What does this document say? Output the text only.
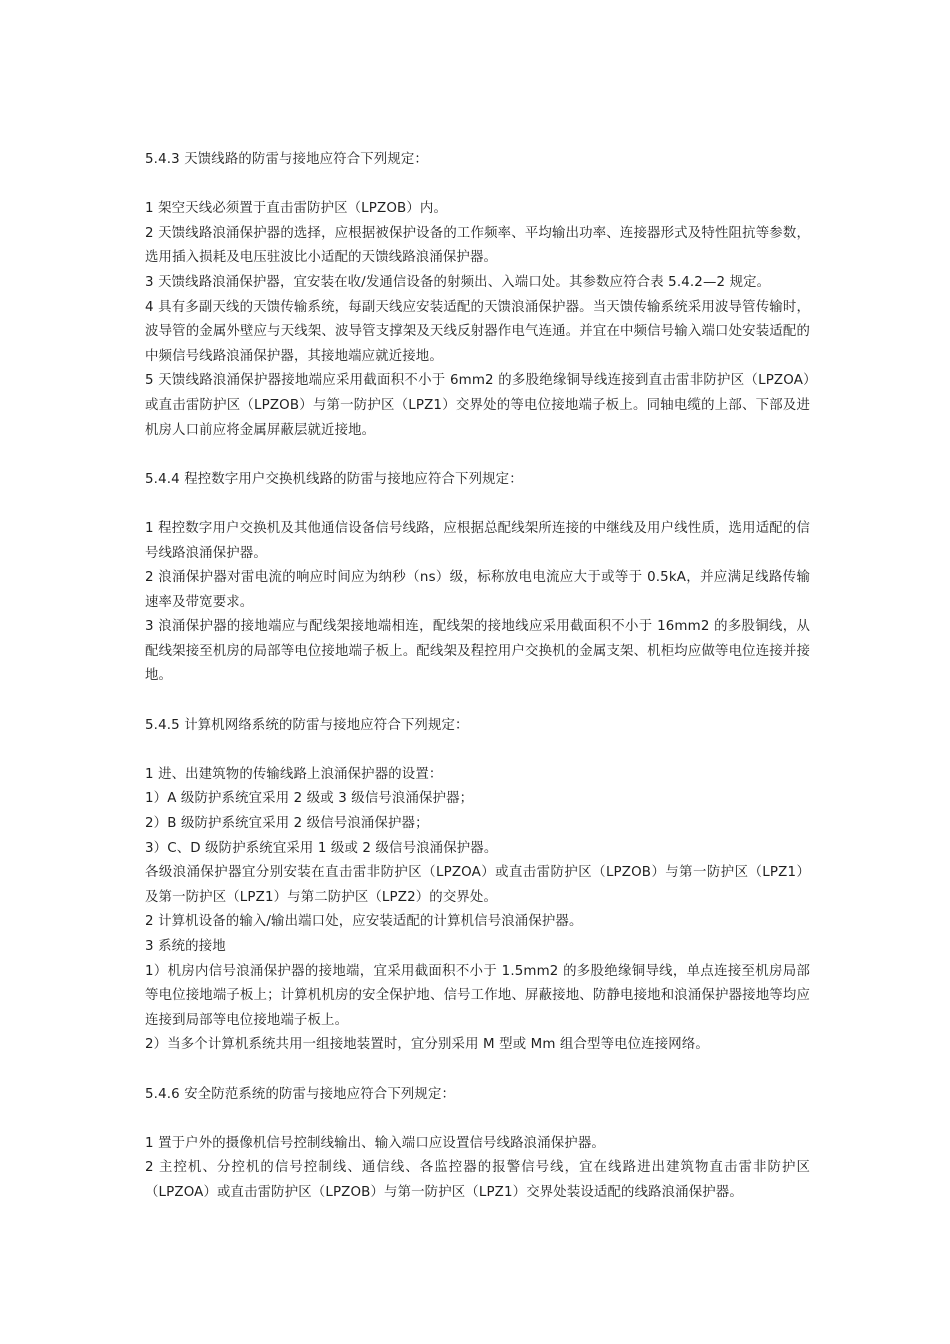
5.4.3 天馈线路的防雷与接地应符合下列规定：

1 架空天线必须置于直击雷防护区（LPZOB）内。

2 天馈线路浪涌保护器的选择，应根据被保护设备的工作频率、平均输出功率、连接器形式及特性阻抗等参数，选用插入损耗及电压驻波比小适配的天馈线路浪涌保护器。

3 天馈线路浪涌保护器，宜安装在收/发通信设备的射频出、入端口处。其参数应符合表 5.4.2—2 规定。

4 具有多副天线的天馈传输系统，每副天线应安装适配的天馈浪涌保护器。当天馈传输系统采用波导管传输时，波导管的金属外壁应与天线架、波导管支撑架及天线反射器作电气连通。并宜在中频信号输入端口处安装适配的中频信号线路浪涌保护器，其接地端应就近接地。

5 天馈线路浪涌保护器接地端应采用截面积不小于 6mm2 的多股绝缘铜导线连接到直击雷非防护区（LPZOA）或直击雷防护区（LPZOB）与第一防护区（LPZ1）交界处的等电位接地端子板上。同轴电缆的上部、下部及进机房人口前应将金属屏蔽层就近接地。

5.4.4 程控数字用户交换机线路的防雷与接地应符合下列规定：

1 程控数字用户交换机及其他通信设备信号线路，应根据总配线架所连接的中继线及用户线性质，选用适配的信号线路浪涌保护器。

2 浪涌保护器对雷电流的响应时间应为纳秒（ns）级，标称放电电流应大于或等于 0.5kA，并应满足线路传输速率及带宽要求。

3 浪涌保护器的接地端应与配线架接地端相连，配线架的接地线应采用截面积不小于 16mm2 的多股铜线，从配线架接至机房的局部等电位接地端子板上。配线架及程控用户交换机的金属支架、机柜均应做等电位连接并接地。

5.4.5 计算机网络系统的防雷与接地应符合下列规定：

1 进、出建筑物的传输线路上浪涌保护器的设置：

1）A 级防护系统宜采用 2 级或 3 级信号浪涌保护器；

2）B 级防护系统宜采用 2 级信号浪涌保护器；

3）C、D 级防护系统宜采用 1 级或 2 级信号浪涌保护器。

各级浪涌保护器宜分别安装在直击雷非防护区（LPZOA）或直击雷防护区（LPZOB）与第一防护区（LPZ1）及第一防护区（LPZ1）与第二防护区（LPZ2）的交界处。

2 计算机设备的输入/输出端口处，应安装适配的计算机信号浪涌保护器。

3 系统的接地

1）机房内信号浪涌保护器的接地端，宜采用截面积不小于 1.5mm2 的多股绝缘铜导线，单点连接至机房局部等电位接地端子板上；计算机机房的安全保护地、信号工作地、屏蔽接地、防静电接地和浪涌保护器接地等均应连接到局部等电位接地端子板上。

2）当多个计算机系统共用一组接地装置时，宜分别采用 M 型或 Mm 组合型等电位连接网络。

5.4.6 安全防范系统的防雷与接地应符合下列规定：

1 置于户外的摄像机信号控制线输出、输入端口应设置信号线路浪涌保护器。

2 主控机、分控机的信号控制线、通信线、各监控器的报警信号线，宜在线路进出建筑物直击雷非防护区（LPZOA）或直击雷防护区（LPZOB）与第一防护区（LPZ1）交界处装设适配的线路浪涌保护器。
